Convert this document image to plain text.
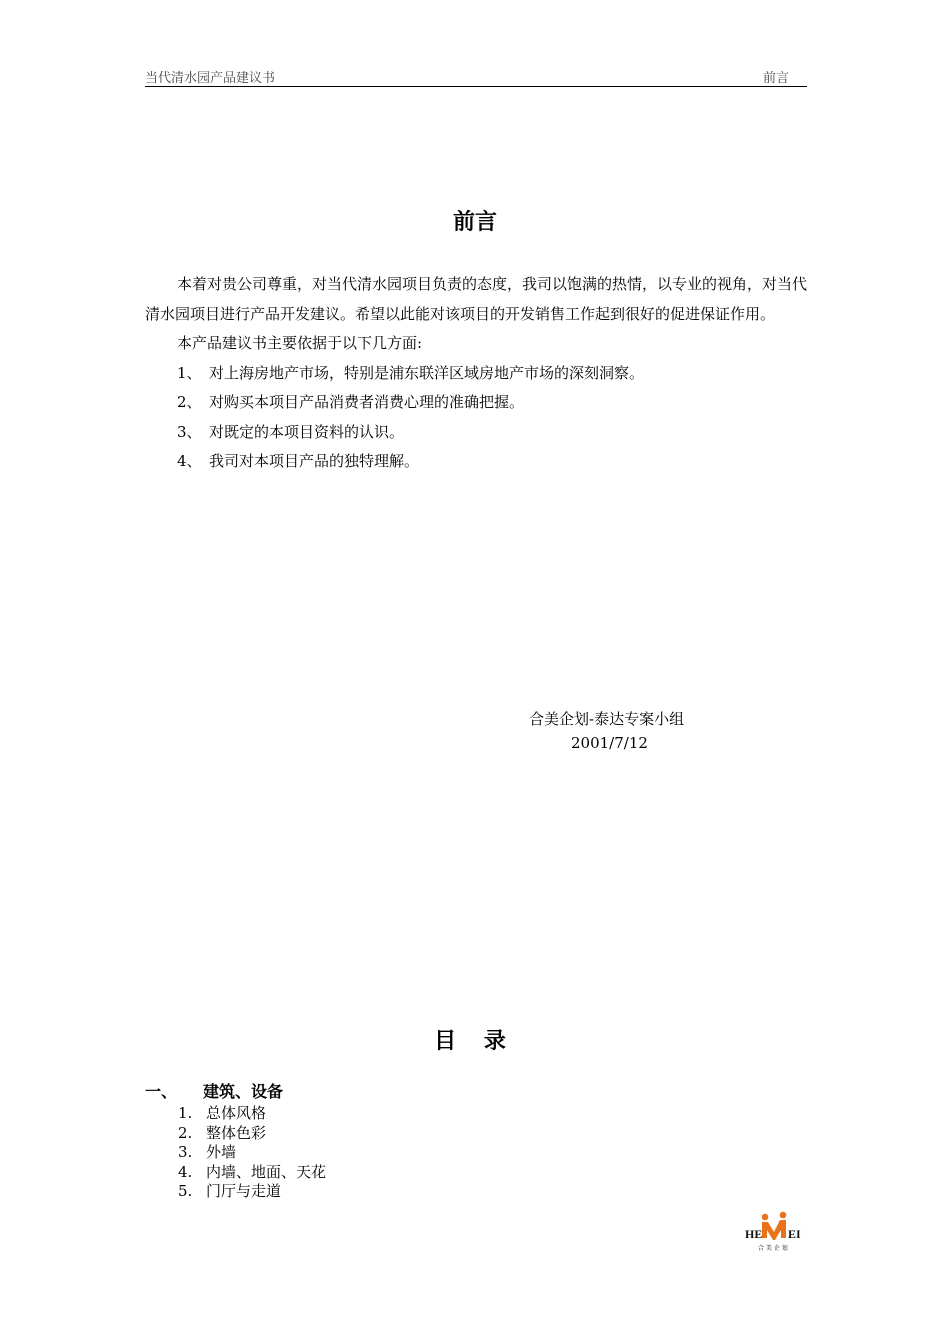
当代清水园产品建议书	前言
前言

本着对贵公司尊重，对当代清水园项目负责的态度，我司以饱满的热情，以专业的视角，对当代清水园项目进行产品开发建议。希望以此能对该项目的开发销售工作起到很好的促进保证作用。

本产品建议书主要依据于以下几方面:

1、 对上海房地产市场，特别是浦东联洋区域房地产市场的深刻洞察。
2、 对购买本项目产品消费者消费心理的准确把握。
3、 对既定的本项目资料的认识。
4、 我司对本项目产品的独特理解。
合美企划-泰达专案小组
2001/7/12
目 录
一、 建筑、设备
1. 总体风格
2. 整体色彩
3. 外墙
4. 内墙、地面、天花
5. 门厅与走道
HE EI
合 美 企 划
